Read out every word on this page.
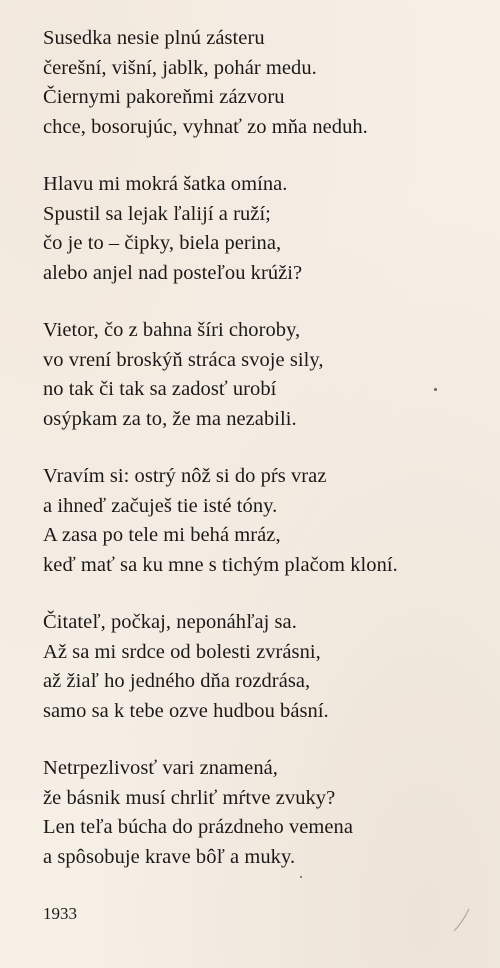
Susedka nesie plnú zásteru
čerešní, višní, jablk, pohár medu.
Čiernymi pakoreňmi zázvoru
chce, bosorujúc, vyhnať zo mňa neduh.
Hlavu mi mokrá šatka omína.
Spustil sa lejak ľalijí a ruží;
čo je to – čipky, biela perina,
alebo anjel nad posteľou krúži?
Vietor, čo z bahna šíri choroby,
vo vrení broskýň stráca svoje sily,
no tak či tak sa zadosť urobí
osýpkam za to, že ma nezabili.
Vravím si: ostrý nôž si do pŕs vraz
a ihneď začuješ tie isté tóny.
A zasa po tele mi behá mráz,
keď mať sa ku mne s tichým plačom kloní.
Čitateľ, počkaj, neponáhľaj sa.
Až sa mi srdce od bolesti zvrásni,
až žiaľ ho jedného dňa rozdrása,
samo sa k tebe ozve hudbou básní.
Netrpezlivosť vari znamená,
že básnik musí chrliť mŕtve zvuky?
Len teľa búcha do prázdneho vemena
a spôsobuje krave bôľ a muky.
1933
